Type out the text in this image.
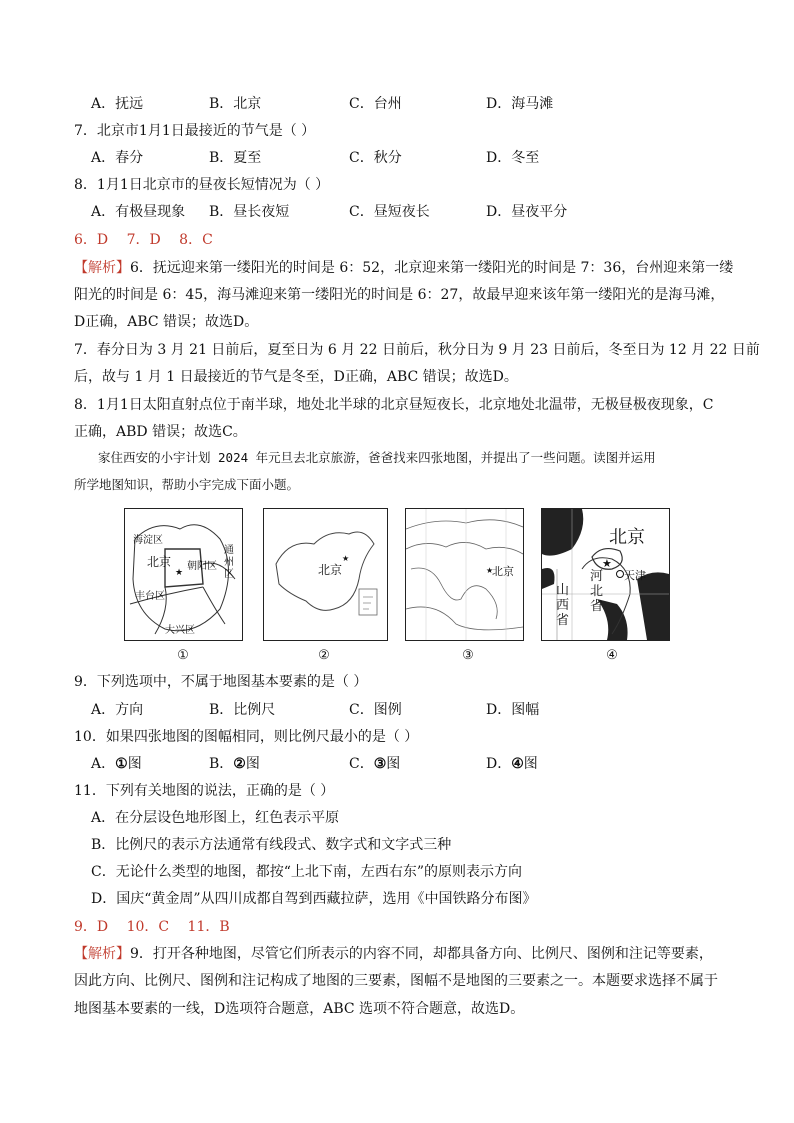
A．抚远	B．北京	C．台州	D．海马滩
7．北京市1月1日最接近的节气是（ ）
A．春分	B．夏至	C．秋分	D．冬至
8．1月1日北京市的昼夜长短情况为（ ）
A．有极昼现象 B．昼长夜短	C．昼短夜长	D．昼夜平分
6．D　 7．D　 8．C
【解析】6．抚远迎来第一缕阳光的时间是 6：52，北京迎来第一缕阳光的时间是 7：36，台州迎来第一缕
阳光的时间是 6：45，海马滩迎来第一缕阳光的时间是 6：27，故最早迎来该年第一缕阳光的是海马滩，
D正确，ABC 错误；故选D。
7．春分日为 3 月 21 日前后，夏至日为 6 月 22 日前后，秋分日为 9 月 23 日前后，冬至日为 12 月 22 日前
后，故与 1 月 1 日最接近的节气是冬至，D正确，ABC 错误；故选D。
8．1月1日太阳直射点位于南半球，地处北半球的北京昼短夜长，北京地处北温带，无极昼极夜现象，C
正确，ABD 错误；故选C。
家住西安的小宇计划 2024 年元旦去北京旅游，爸爸找来四张地图，并提出了一些问题。读图并运用
所学地图知识，帮助小宇完成下面小题。
★
海淀区
北京 朝阳区
通州区
丰台区
大兴区
①
★
北京
②
★
北京
③
★
北京
天津
河北省
山西省
④
9．下列选项中，不属于地图基本要素的是（ ）
A．方向	B．比例尺	C．图例	D．图幅
10．如果四张地图的图幅相同，则比例尺最小的是（ ）
A．①图	B．②图	C．③图	D．④图
11．下列有关地图的说法，正确的是（ ）
A．在分层设色地形图上，红色表示平原
B．比例尺的表示方法通常有线段式、数字式和文字式三种
C．无论什么类型的地图，都按“上北下南，左西右东”的原则表示方向
D．国庆“黄金周”从四川成都自驾到西藏拉萨，选用《中国铁路分布图》
9．D　 10．C　 11．B
【解析】9．打开各种地图，尽管它们所表示的内容不同，却都具备方向、比例尺、图例和注记等要素，
因此方向、比例尺、图例和注记构成了地图的三要素，图幅不是地图的三要素之一。本题要求选择不属于
地图基本要素的一线，D选项符合题意，ABC 选项不符合题意，故选D。
